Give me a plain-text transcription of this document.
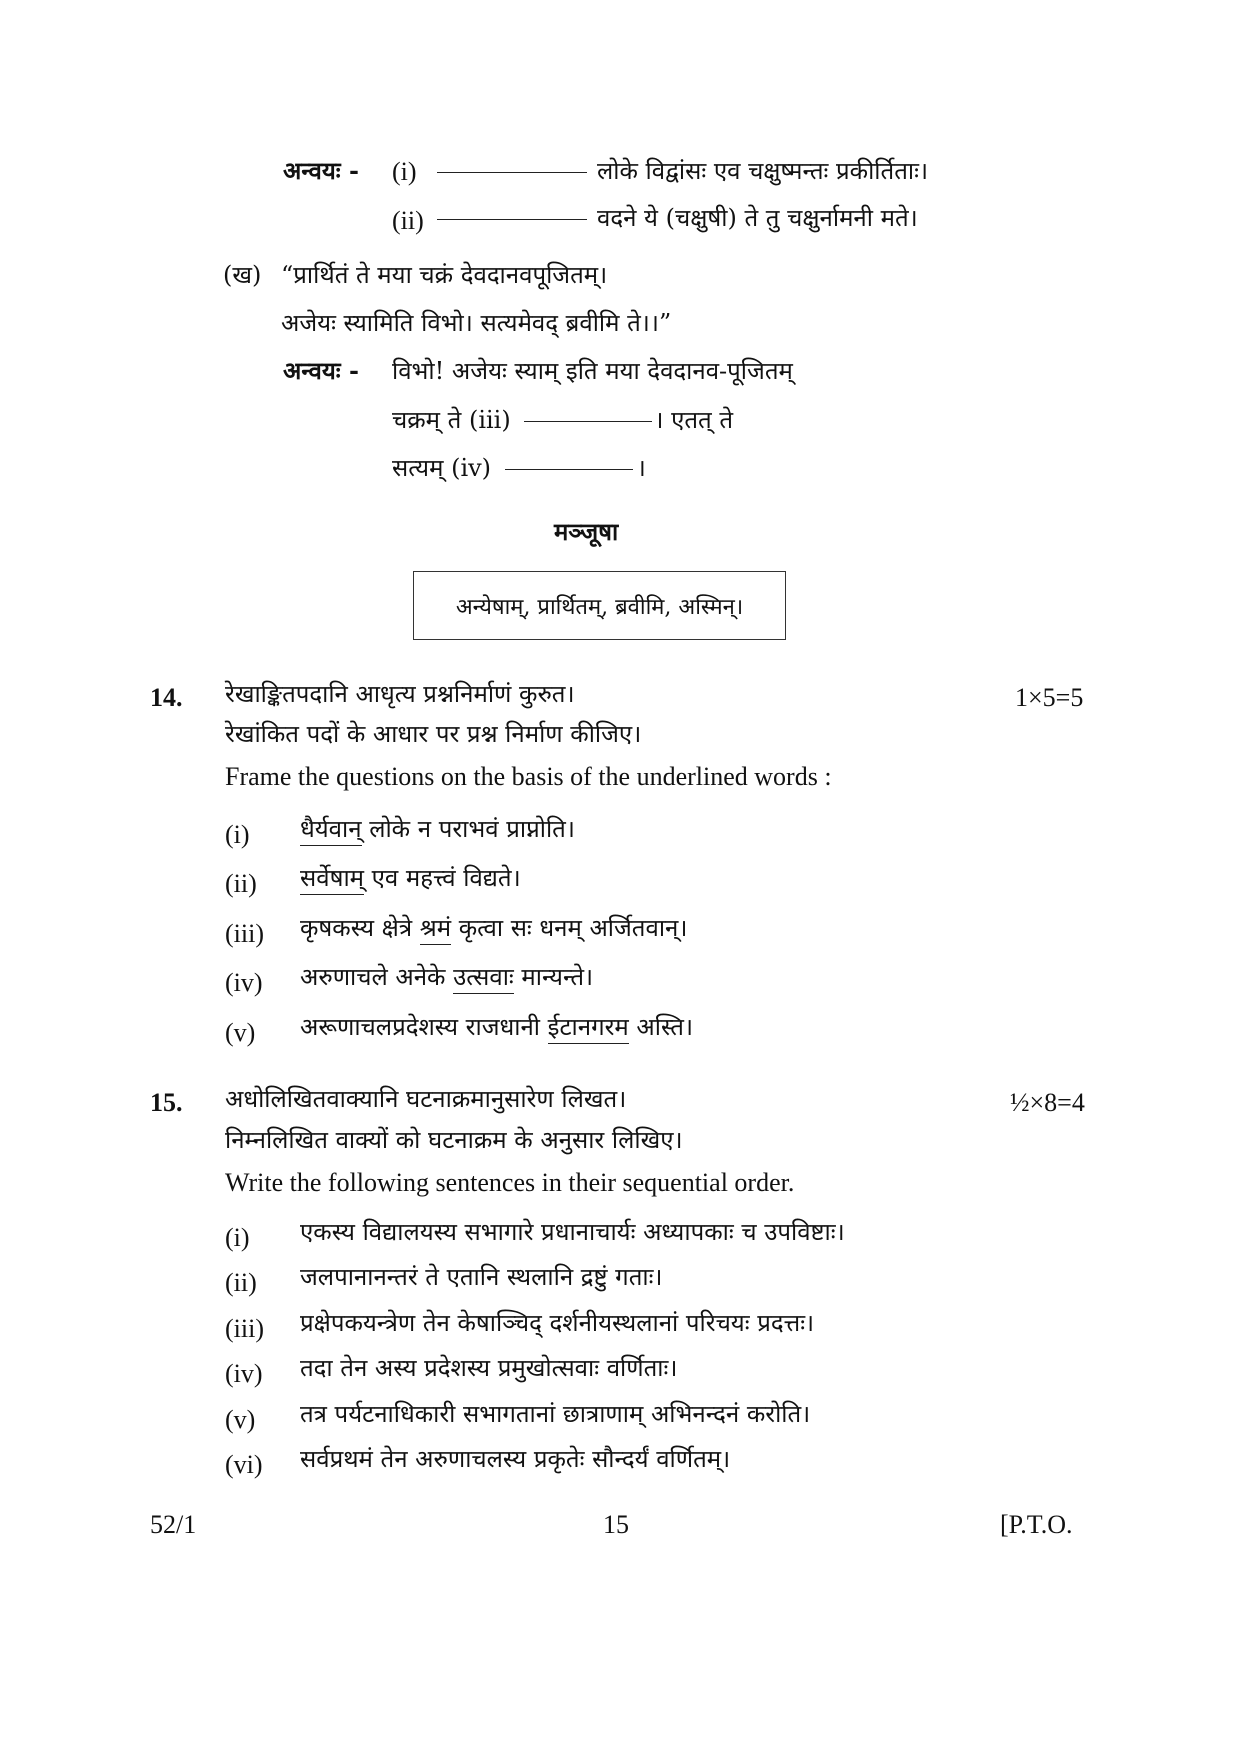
अन्वयः - (i)	लोके विद्वांसः एव चक्षुष्मन्तः प्रकीर्तिताः।
(ii)	वदने ये (चक्षुषी) ते तु चक्षुर्नामनी मते।
(ख) “प्रार्थितं ते मया चक्रं देवदानवपूजितम्।
अजेयः स्यामिति विभो। सत्यमेवद् ब्रवीमि ते।।”
अन्वयः - विभो! अजेयः स्याम् इति मया देवदानव-पूजितम्
चक्रम् ते (iii)	। एतत् ते
सत्यम् (iv)	।
मञ्जूषा
अन्येषाम्, प्रार्थितम्, ब्रवीमि, अस्मिन्।
14. रेखाङ्कितपदानि आधृत्य प्रश्ननिर्माणं कुरुत।	1×5=5
रेखांकित पदों के आधार पर प्रश्न निर्माण कीजिए।
Frame the questions on the basis of the underlined words :
(i) धैर्यवान् लोके न पराभवं प्राप्नोति।
(ii) सर्वेषाम् एव महत्त्वं विद्यते।
(iii) कृषकस्य क्षेत्रे श्रमं कृत्वा सः धनम् अर्जितवान्।
(iv) अरुणाचले अनेके उत्सवाः मान्यन्ते।
(v) अरूणाचलप्रदेशस्य राजधानी ईटानगरम अस्ति।
15. अधोलिखितवाक्यानि घटनाक्रमानुसारेण लिखत।	½×8=4
निम्नलिखित वाक्यों को घटनाक्रम के अनुसार लिखिए।
Write the following sentences in their sequential order.
(i) एकस्य विद्यालयस्य सभागारे प्रधानाचार्यः अध्यापकाः च उपविष्टाः।
(ii) जलपानानन्तरं ते एतानि स्थलानि द्रष्टुं गताः।
(iii) प्रक्षेपकयन्त्रेण तेन केषाञ्चिद् दर्शनीयस्थलानां परिचयः प्रदत्तः।
(iv) तदा तेन अस्य प्रदेशस्य प्रमुखोत्सवाः वर्णिताः।
(v) तत्र पर्यटनाधिकारी सभागतानां छात्राणाम् अभिनन्दनं करोति।
(vi) सर्वप्रथमं तेन अरुणाचलस्य प्रकृतेः सौन्दर्यं वर्णितम्।
52/1	15	[P.T.O.
